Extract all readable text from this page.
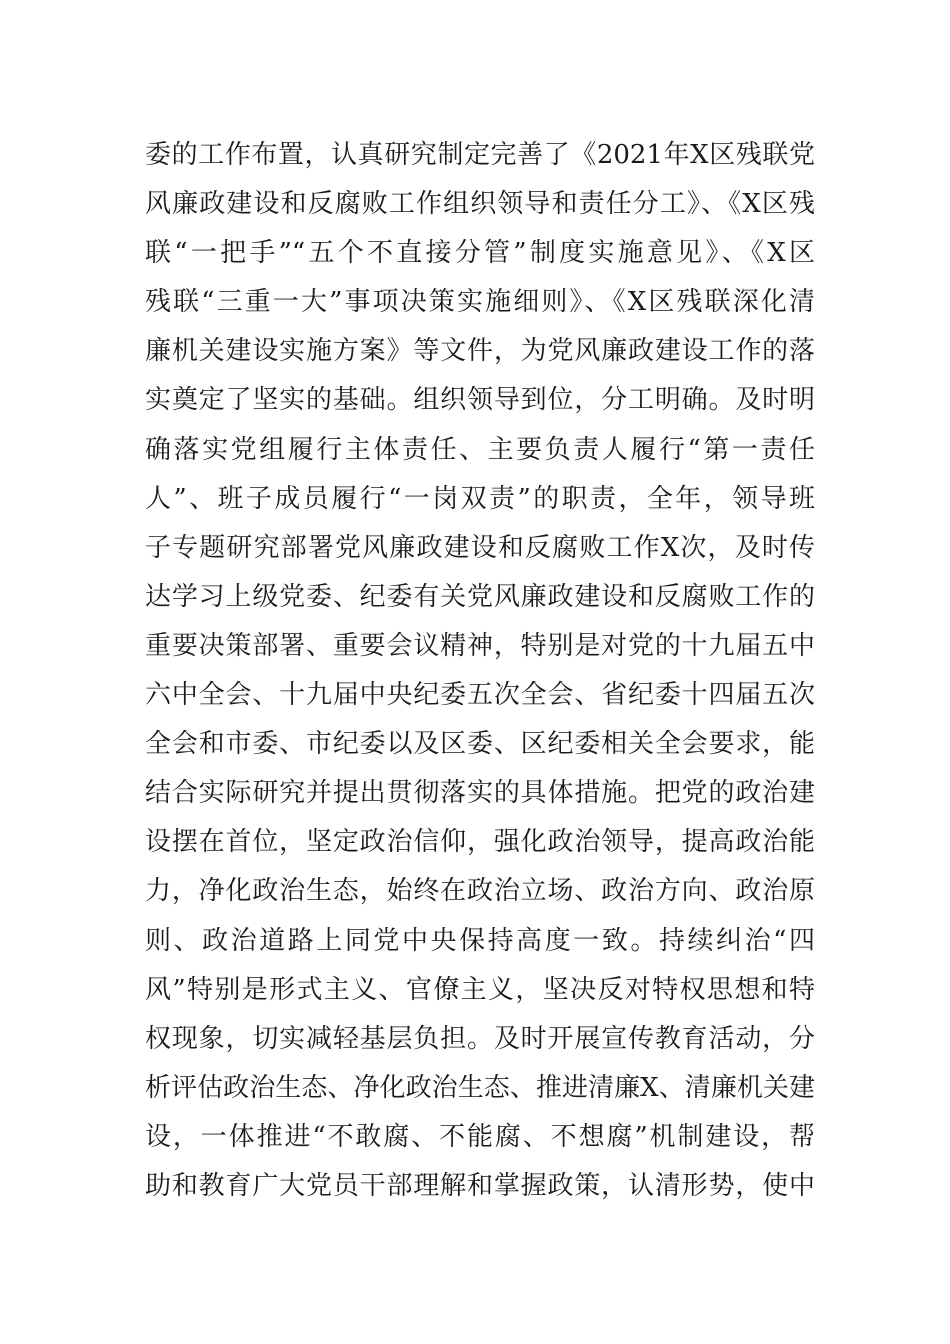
委的工作布置，认真研究制定完善了《2021年X区残联党
风廉政建设和反腐败工作组织领导和责任分工》、《X区残
联“一把手”“五个不直接分管”制度实施意见》、《X区
残联“三重一大”事项决策实施细则》、《X区残联深化清
廉机关建设实施方案》等文件，为党风廉政建设工作的落
实奠定了坚实的基础。组织领导到位，分工明确。及时明
确落实党组履行主体责任、主要负责人履行“第一责任
人”、班子成员履行“一岗双责”的职责，全年，领导班
子专题研究部署党风廉政建设和反腐败工作X次，及时传
达学习上级党委、纪委有关党风廉政建设和反腐败工作的
重要决策部署、重要会议精神，特别是对党的十九届五中
六中全会、十九届中央纪委五次全会、省纪委十四届五次
全会和市委、市纪委以及区委、区纪委相关全会要求，能
结合实际研究并提出贯彻落实的具体措施。把党的政治建
设摆在首位，坚定政治信仰，强化政治领导，提高政治能
力，净化政治生态，始终在政治立场、政治方向、政治原
则、政治道路上同党中央保持高度一致。持续纠治“四
风”特别是形式主义、官僚主义，坚决反对特权思想和特
权现象，切实减轻基层负担。及时开展宣传教育活动，分
析评估政治生态、净化政治生态、推进清廉X、清廉机关建
设，一体推进“不敢腐、不能腐、不想腐”机制建设，帮
助和教育广大党员干部理解和掌握政策，认清形势，使中
